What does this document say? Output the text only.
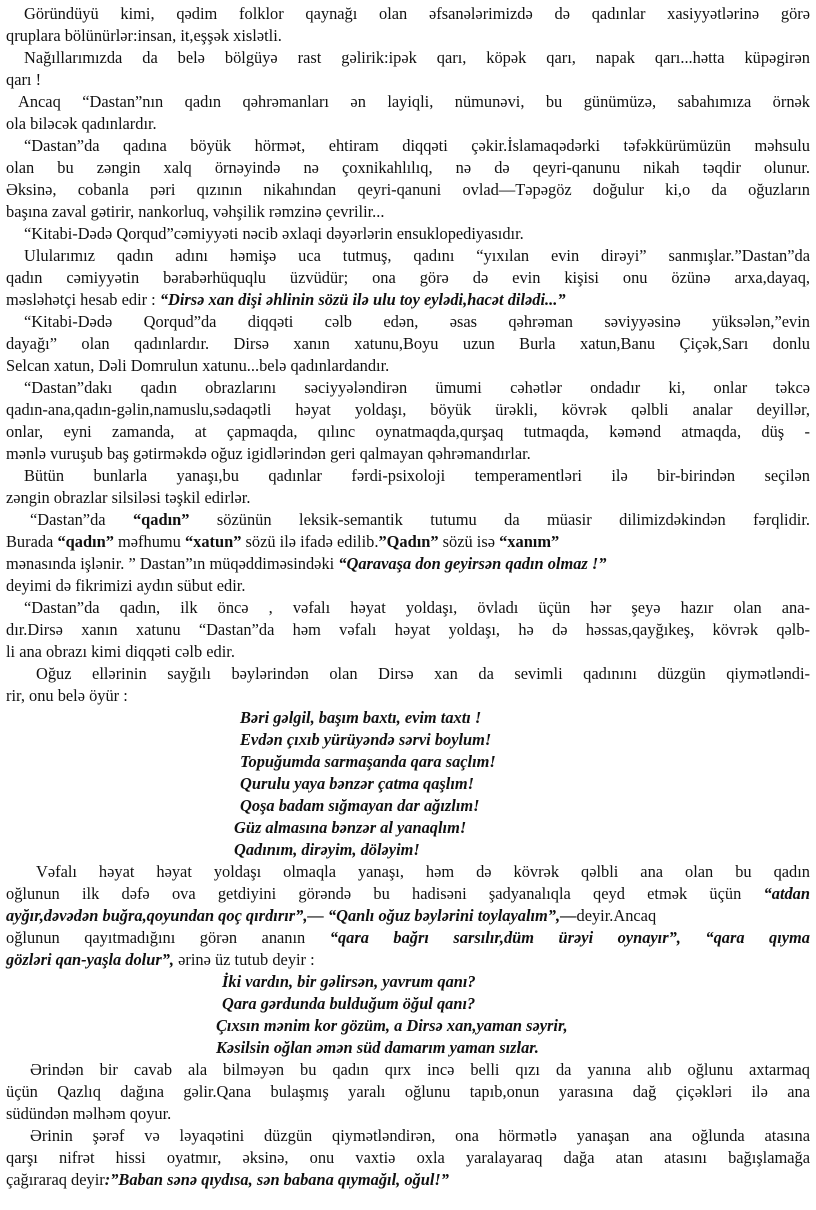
Göründüyü kimi, qədim folklor qaynağı olan əfsanələrimizdə də qadınlar xasiyyətlərinə görə
qruplara bölünürlər:insan, it,eşşək xislətli.
Nağıllarımızda da belə bölgüyə rast gəlirik:ipək qarı, köpək qarı, napak qarı...hətta küpəgirən
qarı !
Ancaq “Dastan”nın qadın qəhrəmanları ən layiqli, nümunəvi, bu günümüzə, sabahımıza örnək
ola biləcək qadınlardır.
“Dastan”da qadına böyük hörmət, ehtiram diqqəti çəkir.İslamaqədərki təfəkkürümüzün məhsulu
olan bu zəngin xalq örnəyində nə çoxnikahlılıq, nə də qeyri-qanunu nikah təqdir olunur.
Əksinə, cobanla pəri qızının nikahından qeyri-qanuni ovlad—Təpəgöz doğulur ki,o da oğuzların
başına zaval gətirir, nankorluq, vəhşilik rəmzinə çevrilir...
“Kitabi-Dədə Qorqud”cəmiyyəti nəcib əxlaqi dəyərlərin ensuklopediyasıdır.
Ulularımız qadın adını həmişə uca tutmuş, qadını “yıxılan evin dirəyi” sanmışlar.”Dastan”da
qadın cəmiyyətin bərabərhüquqlu üzvüdür; ona görə də evin kişisi onu özünə arxa,dayaq,
məsləhətçi hesab edir : “Dirsə xan dişi əhlinin sözü ilə ulu toy eylədi,hacət dilədi...”
“Kitabi-Dədə Qorqud”da diqqəti cəlb edən, əsas qəhrəman səviyyəsinə yüksələn,”evin
dayağı” olan qadınlardır. Dirsə xanın xatunu,Boyu uzun Burla xatun,Banu Çiçək,Sarı donlu
Selcan xatun, Dəli Domrulun xatunu...belə qadınlardandır.
“Dastan”dakı qadın obrazlarını səciyyələndirən ümumi cəhətlər ondadır ki, onlar təkcə
qadın-ana,qadın-gəlin,namuslu,sədaqətli həyat yoldaşı, böyük ürəkli, kövrək qəlbli analar deyillər,
onlar, eyni zamanda, at çapmaqda, qılınc oynatmaqda,qurşaq tutmaqda, kəmənd atmaqda, düş -
mənlə vuruşub baş gətirməkdə oğuz igidlərindən geri qalmayan qəhrəmandırlar.
Bütün bunlarla yanaşı,bu qadınlar fərdi-psixoloji temperamentləri ilə bir-birindən seçilən
zəngin obrazlar silsiləsi təşkil edirlər.
“Dastan”da “qadın” sözünün leksik-semantik tutumu da müasir dilimizdəkindən fərqlidir.
Burada “qadın” məfhumu “xatun” sözü ilə ifadə edilib.”Qadın” sözü isə “xanım”
mənasında işlənir. ” Dastan”ın müqəddiməsindəki “Qaravaşa don geyirsən qadın olmaz !”
deyimi də fikrimizi aydın sübut edir.
“Dastan”da qadın, ilk öncə , vəfalı həyat yoldaşı, övladı üçün hər şeyə hazır olan ana-
dır.Dirsə xanın xatunu “Dastan”da həm vəfalı həyat yoldaşı, hə də həssas,qayğıkeş, kövrək qəlb-
li ana obrazı kimi diqqəti cəlb edir.
Oğuz ellərinin sayğılı bəylərindən olan Dirsə xan da sevimli qadınını düzgün qiymətləndi-
rir, onu belə öyür :
Bəri gəlgil, başım baxtı, evim taxtı !
Evdən çıxıb yürüyəndə sərvi boylum!
Topuğumda sarmaşanda qara saçlım!
Qurulu yaya bənzər çatma qaşlım!
Qoşa badam sığmayan dar ağızlım!
Güz almasına bənzər al yanaqlım!
Qadınım, dirəyim, döləyim!
Vəfalı həyat həyat yoldaşı olmaqla yanaşı, həm də kövrək qəlbli ana olan bu qadın
oğlunun ilk dəfə ova getdiyini görəndə bu hadisəni şadyanalıqla qeyd etmək üçün “atdan
ayğır,dəvədən buğra,qoyundan qoç qırdırır”,— “Qanlı oğuz bəylərini toylayalım”,—deyir.Ancaq
oğlunun qayıtmadığını görən ananın “qara bağrı sarsılır,düm ürəyi oynayır”, “qara qıyma
gözləri qan-yaşla dolur”, ərinə üz tutub deyir :
İki vardın, bir gəlirsən, yavrum qanı?
Qara gərdunda bulduğum öğul qanı?
Çıxsın mənim kor gözüm, a Dirsə xan,yaman səyrir,
Kəsilsin oğlan əmən süd damarım yaman sızlar.
Ərindən bir cavab ala bilməyən bu qadın qırx incə belli qızı da yanına alıb oğlunu axtarmaq
üçün Qazlıq dağına gəlir.Qana bulaşmış yaralı oğlunu tapıb,onun yarasına dağ çiçəkləri ilə ana
südündən məlhəm qoyur.
Ərinin şərəf və ləyaqətini düzgün qiymətləndirən, ona hörmətlə yanaşan ana oğlunda atasına
qarşı nifrət hissi oyatmır, əksinə, onu vaxtiə oxla yaralayaraq dağa atan atasını bağışlamağa
çağıraraq deyir:”Baban sənə qıydısa, sən babana qıymağıl, oğul!”
